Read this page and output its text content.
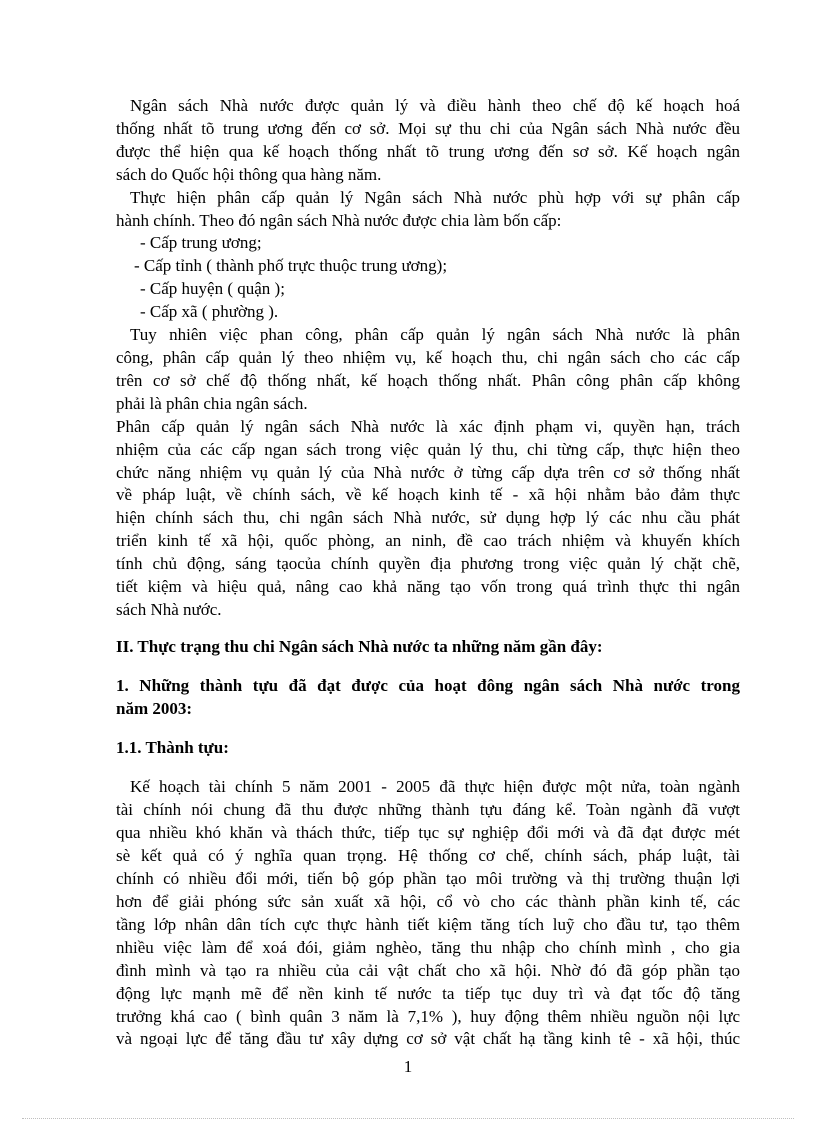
Ngân sách Nhà nước được quản lý và điều hành theo chế độ kế hoạch hoá
thống nhất tõ trung ương đến cơ sở. Mọi sự thu chi của Ngân sách Nhà nước đều
được thể hiện qua kế hoạch thống nhất tõ trung ương đến sơ sở. Kế hoạch ngân
sách do Quốc hội thông qua hàng năm.
Thực hiện phân cấp quản lý Ngân sách Nhà nước phù hợp với sự phân cấp
hành chính. Theo đó ngân sách Nhà nước được chia làm bốn cấp:
- Cấp trung ương;
- Cấp tỉnh ( thành phố trực thuộc trung ương);
- Cấp huyện ( quận );
- Cấp xã ( phường ).
Tuy nhiên việc phan công, phân cấp quản lý ngân sách Nhà nước là phân
công, phân cấp quản lý theo nhiệm vụ, kế hoạch thu, chi ngân sách cho các cấp
trên cơ sở chế độ thống nhất, kế hoạch thống nhất. Phân công phân cấp không
phải là phân chia ngân sách.
Phân cấp quản lý ngân sách Nhà nước là xác định phạm vi, quyền hạn, trách
nhiệm của các cấp ngan sách trong việc quản lý thu, chi từng cấp, thực hiện theo
chức năng nhiệm vụ quản lý của Nhà nước ở từng cấp dựa trên cơ sở thống nhất
về pháp luật, về chính sách, về kế hoạch kinh tế - xã hội nhằm bảo đảm thực
hiện chính sách thu, chi ngân sách Nhà nước, sử dụng hợp lý các nhu cầu phát
triển kinh tế xã hội, quốc phòng, an ninh, đề cao trách nhiệm và khuyến khích
tính chủ động, sáng tạocủa chính quyền địa phương trong việc quản lý chặt chẽ,
tiết kiệm và hiệu quả, nâng cao khả năng tạo vốn trong quá trình thực thi ngân
sách Nhà nước.
II. Thực trạng thu chi Ngân sách Nhà nước ta những năm gần đây:
1. Những thành tựu đã đạt được của hoạt đông ngân sách Nhà nước trong
năm 2003:
1.1. Thành tựu:
Kế hoạch tài chính 5 năm 2001 - 2005 đã thực hiện được một nửa, toàn ngành
tài chính nói chung đã thu được những thành tựu đáng kể. Toàn ngành đã vượt
qua nhiều khó khăn và thách thức, tiếp tục sự nghiệp đổi mới và đã đạt được mét
sè kết quả có ý nghĩa quan trọng. Hệ thống cơ chế, chính sách, pháp luật, tài
chính có nhiều đổi mới, tiến bộ góp phần tạo môi trường và thị trường thuận lợi
hơn để giải phóng sức sản xuất xã hội, cổ vò cho các thành phần kinh tế, các
tầng lớp nhân dân tích cực thực hành tiết kiệm tăng tích luỹ cho đầu tư, tạo thêm
nhiều việc làm để xoá đói, giảm nghèo, tăng thu nhập cho chính mình , cho gia
đình mình và tạo ra nhiều của cải vật chất cho xã hội. Nhờ đó đã góp phần tạo
động lực mạnh mẽ để nền kinh tế nước ta tiếp tục duy trì và đạt tốc độ tăng
trưởng khá cao ( bình quân 3 năm là 7,1% ), huy động thêm nhiều nguồn nội lực
và ngoại lực để tăng đầu tư xây dựng cơ sở vật chất hạ tầng kinh tê - xã hội, thúc
1
